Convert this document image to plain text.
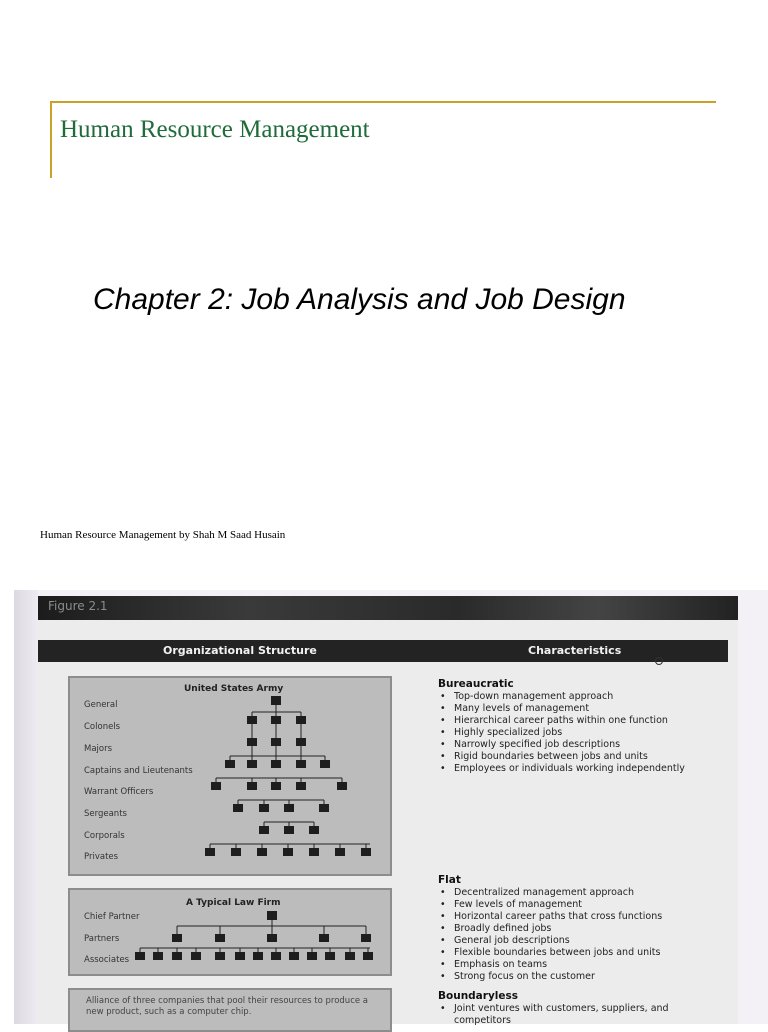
Human Resource Management
Chapter 2: Job Analysis and Job Design

Human Resource Management by Shah M Saad Husain

Figure 2.1

Organizational Structure	Characteristics

United States Army

General

Colonels

Majors

Captains and Lieutenants

Warrant Officers

Sergeants

Corporals

Privates

A Typical Law Firm

Chief Partner

Partners

Associates

Alliance of three companies that pool their resources to produce a new product, such as a computer chip.

Bureaucratic

• Top-down management approach
• Many levels of management
• Hierarchical career paths within one function
• Highly specialized jobs
• Narrowly specified job descriptions
• Rigid boundaries between jobs and units
• Employees or individuals working independently

Flat

• Decentralized management approach
• Few levels of management
• Horizontal career paths that cross functions
• Broadly defined jobs
• General job descriptions
• Flexible boundaries between jobs and units
• Emphasis on teams
• Strong focus on the customer

Boundaryless

• Joint ventures with customers, suppliers, and competitors
